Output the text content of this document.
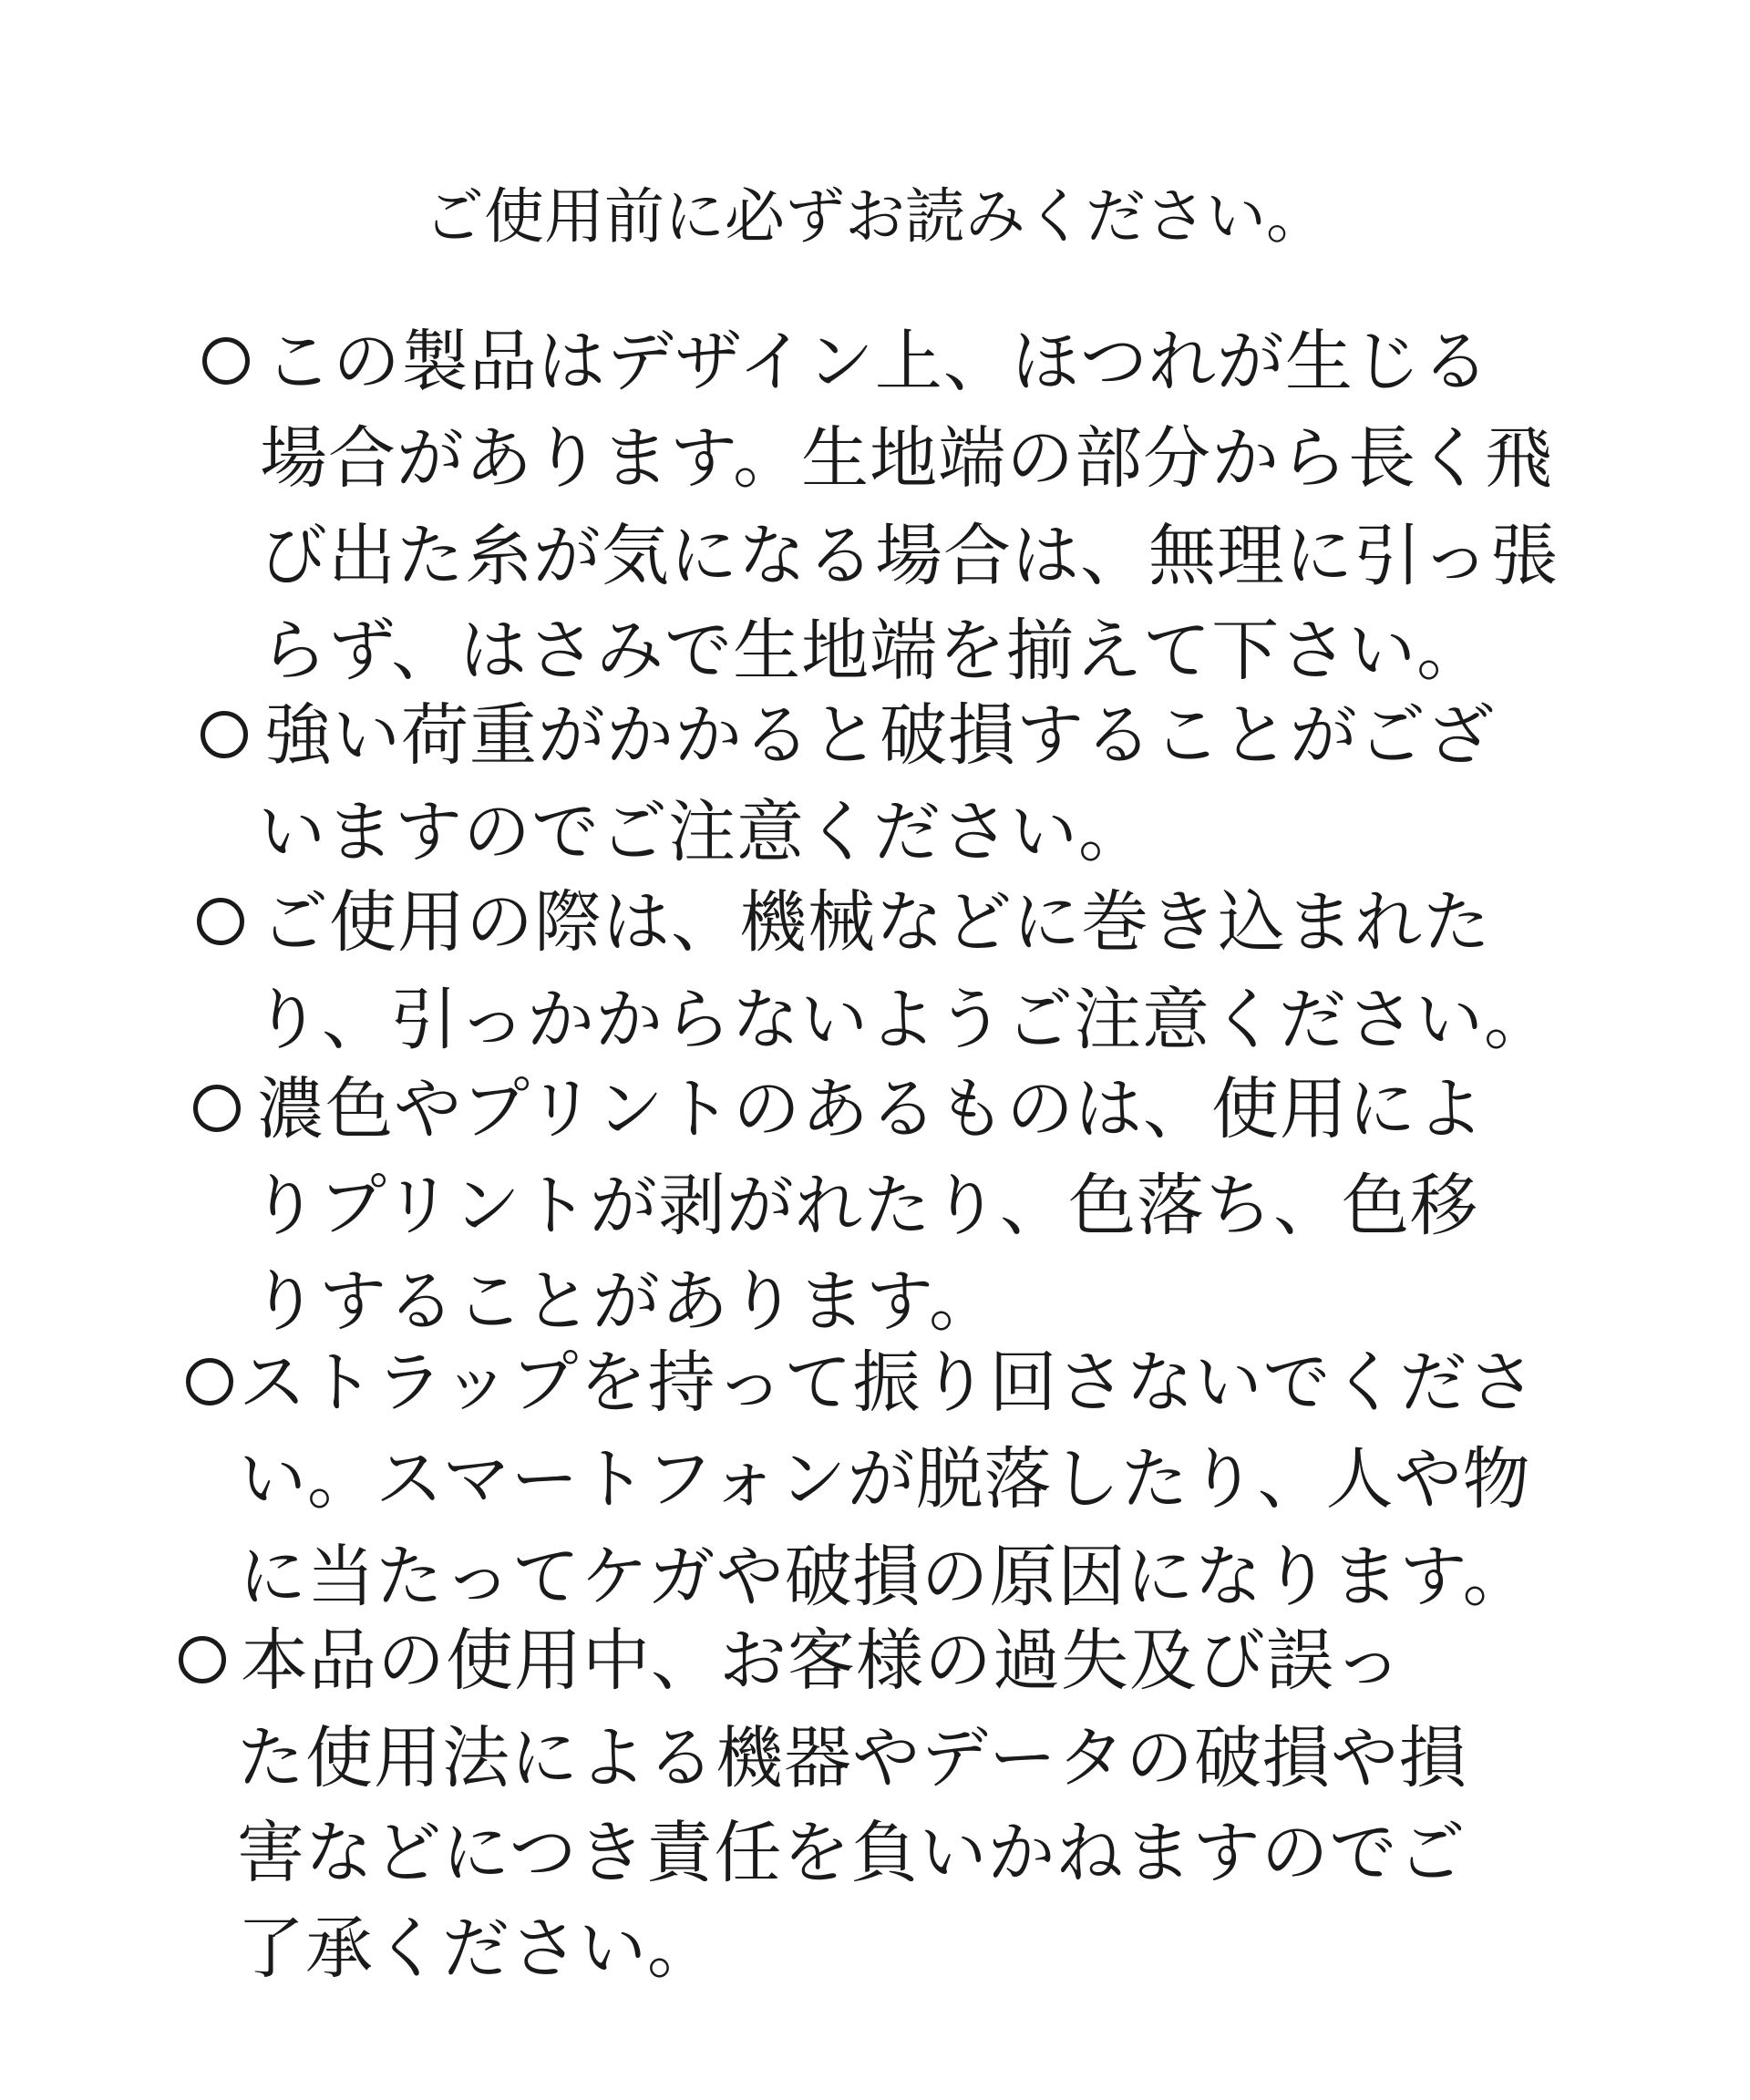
ご使用前に必ずお読みください。
この製品はデザイン上、ほつれが生じる
場合があります。生地端の部分から長く飛
び出た糸が気になる場合は、無理に引っ張
らず、はさみで生地端を揃えて下さい。
強い荷重がかかると破損することがござ
いますのでご注意ください。
ご使用の際は、機械などに巻き込まれた
り、引っかからないようご注意ください。
濃色やプリントのあるものは、使用によ
りプリントが剥がれたり、色落ち、色移
りすることがあります。
ストラップを持って振り回さないでくださ
い。スマートフォンが脱落したり、人や物
に当たってケガや破損の原因になります。
本品の使用中、お客様の過失及び誤っ
た使用法による機器やデータの破損や損
害などにつき責任を負いかねますのでご
了承ください。
